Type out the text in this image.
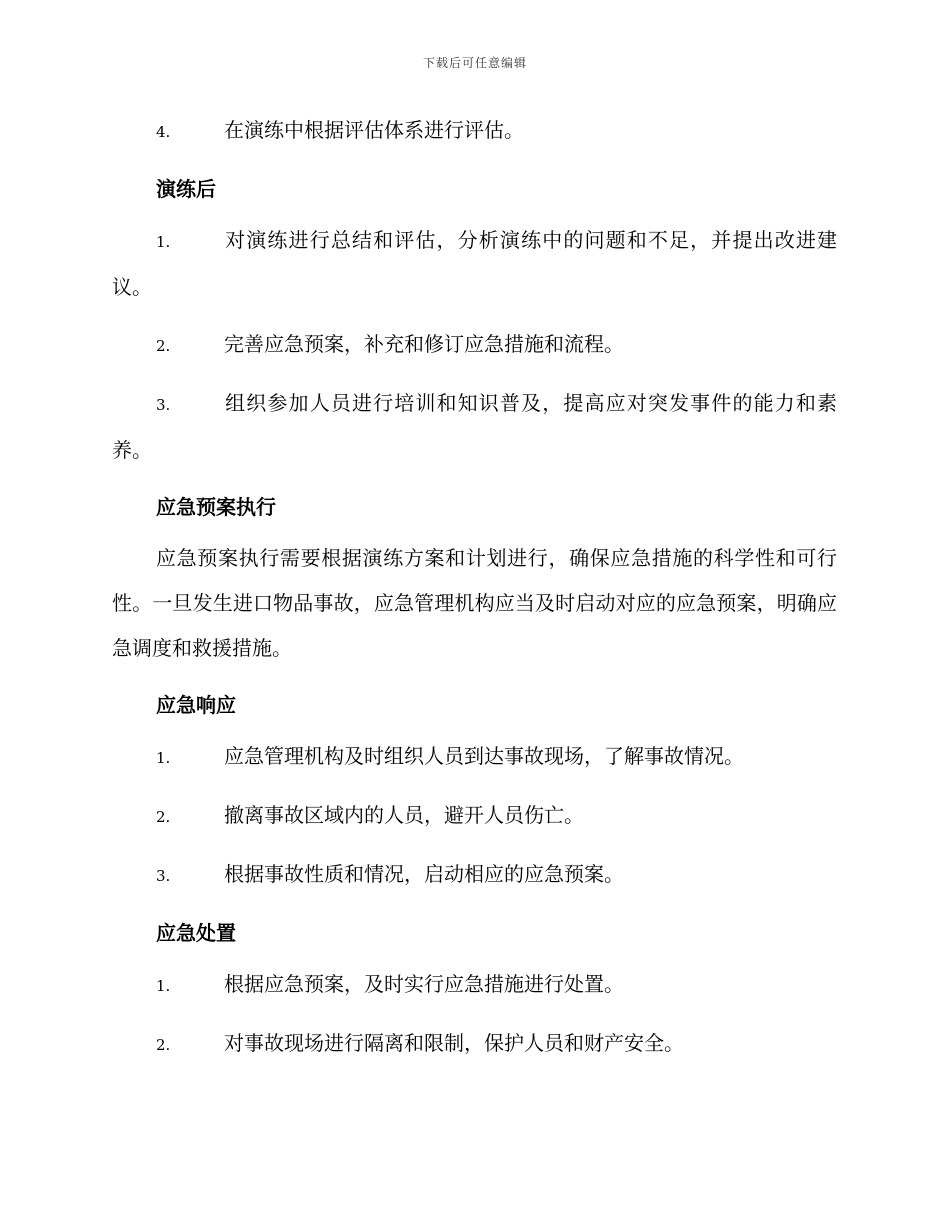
下载后可任意编辑

4.	在演练中根据评估体系进行评估。

演练后

1.	对演练进行总结和评估，分析演练中的问题和不足，并提出改进建议。

2.	完善应急预案，补充和修订应急措施和流程。

3.	组织参加人员进行培训和知识普及，提高应对突发事件的能力和素养。

应急预案执行

应急预案执行需要根据演练方案和计划进行，确保应急措施的科学性和可行性。一旦发生进口物品事故，应急管理机构应当及时启动对应的应急预案，明确应急调度和救援措施。

应急响应

1.	应急管理机构及时组织人员到达事故现场，了解事故情况。

2.	撤离事故区域内的人员，避开人员伤亡。

3.	根据事故性质和情况，启动相应的应急预案。

应急处置

1.	根据应急预案，及时实行应急措施进行处置。

2.	对事故现场进行隔离和限制，保护人员和财产安全。
